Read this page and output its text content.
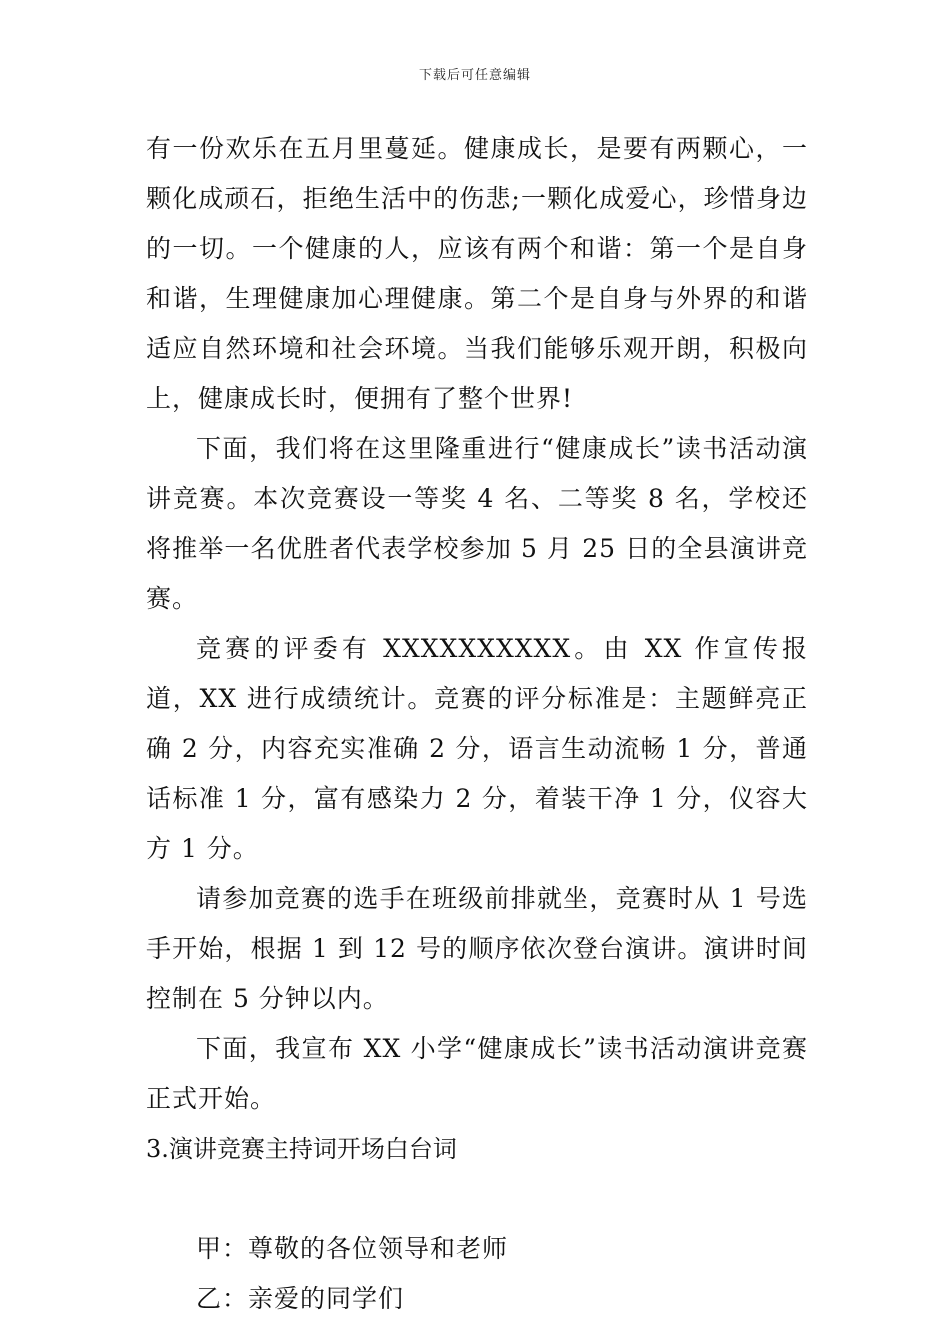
下载后可任意编辑

有一份欢乐在五月里蔓延。健康成长，是要有两颗心，一颗化成顽石，拒绝生活中的伤悲;一颗化成爱心，珍惜身边的一切。一个健康的人，应该有两个和谐：第一个是自身和谐，生理健康加心理健康。第二个是自身与外界的和谐适应自然环境和社会环境。当我们能够乐观开朗，积极向上，健康成长时，便拥有了整个世界!

下面，我们将在这里隆重进行“健康成长”读书活动演讲竞赛。本次竞赛设一等奖 4 名、二等奖 8 名，学校还将推举一名优胜者代表学校参加 5 月 25 日的全县演讲竞赛。

竞赛的评委有 XXXXXXXXXX。由 XX 作宣传报道，XX 进行成绩统计。竞赛的评分标准是：主题鲜亮正确 2 分，内容充实准确 2 分，语言生动流畅 1 分，普通话标准 1 分，富有感染力 2 分，着装干净 1 分，仪容大方 1 分。

请参加竞赛的选手在班级前排就坐，竞赛时从 1 号选手开始，根据 1 到 12 号的顺序依次登台演讲。演讲时间控制在 5 分钟以内。

下面，我宣布 XX 小学“健康成长”读书活动演讲竞赛正式开始。

3.演讲竞赛主持词开场白台词

甲：尊敬的各位领导和老师

乙：亲爱的同学们
